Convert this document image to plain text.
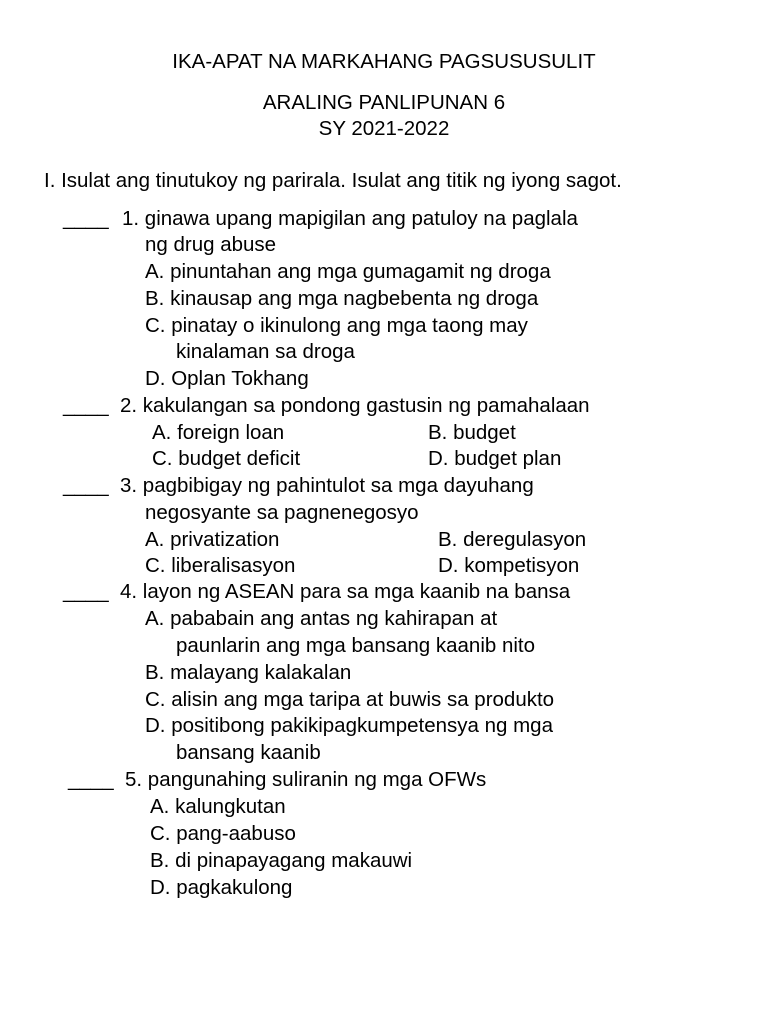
IKA-APAT NA MARKAHANG PAGSUSUSULIT
ARALING PANLIPUNAN 6
SY 2021-2022
I. Isulat ang tinutukoy ng parirala. Isulat ang titik ng iyong sagot.
____ 1. ginawa upang mapigilan ang patuloy na paglala
ng drug abuse
A. pinuntahan ang mga gumagamit ng droga
B. kinausap ang mga nagbebenta ng droga
C. pinatay o ikinulong ang mga taong may
kinalaman sa droga
D. Oplan Tokhang
____ 2. kakulangan sa pondong gastusin ng pamahalaan
A. foreign loan	B. budget
C. budget deficit	D. budget plan
____ 3. pagbibigay ng pahintulot sa mga dayuhang
negosyante sa pagnenegosyo
A. privatization	B. deregulasyon
C. liberalisasyon	D. kompetisyon
____ 4. layon ng ASEAN para sa mga kaanib na bansa
A. pababain ang antas ng kahirapan at
paunlarin ang mga bansang kaanib nito
B. malayang kalakalan
C. alisin ang mga taripa at buwis sa produkto
D. positibong pakikipagkumpetensya ng mga
bansang kaanib
____ 5. pangunahing suliranin ng mga OFWs
A. kalungkutan
C. pang-aabuso
B. di pinapayagang makauwi
D. pagkakulong
